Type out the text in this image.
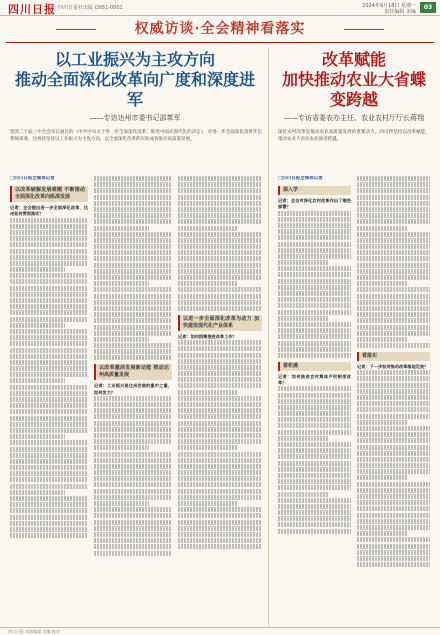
四川日报 四川日报社出版 CN51-0001	2024年9月18日 星期一
责任编辑 美编
03
权威访谈·全会精神看落实
以工业振兴为主攻方向
推动全面深化改革向广度和深度进军
——专访达州市委书记邵革军
改革赋能
加快推动农业大省蝶变跨越
——专访省委农办主任、农业农村厅厅长蒋翔
党的二十届三中全会审议通过的《中共中央关于进一步全面深化改革、推进中国式现代化的决定》，对进一步全面深化改革作出系统部署。达州将坚持以工业振兴为主攻方向，以全面深化改革的实际成效推动高质量发展。
深化农村改革是推动农业高质量发展的重要动力。四川将坚持以改革赋能，推动农业大省向农业强省跨越。
□四川日报全媒体记者
以改革破解发展难题 不断推动全面深化改革向纵深发展
记者：全会提出进一步全面深化改革，达州如何贯彻落实？
以改革激活发展新动能 推动达州高质量发展
记者：工业振兴是达州发展的重中之重，如何发力？
以进一步全面深化改革为动力 加快建设现代化产业体系
记者：如何统筹推进改革工作？
□四川日报全媒体记者
深入学
记者：全会对深化农村改革作出了哪些部署？
看机遇
记者：如何推进农村集体产权制度改革？
看落实
记者：下一步如何推动改革落地见效？
四川日报 本版编辑 美编 校对
